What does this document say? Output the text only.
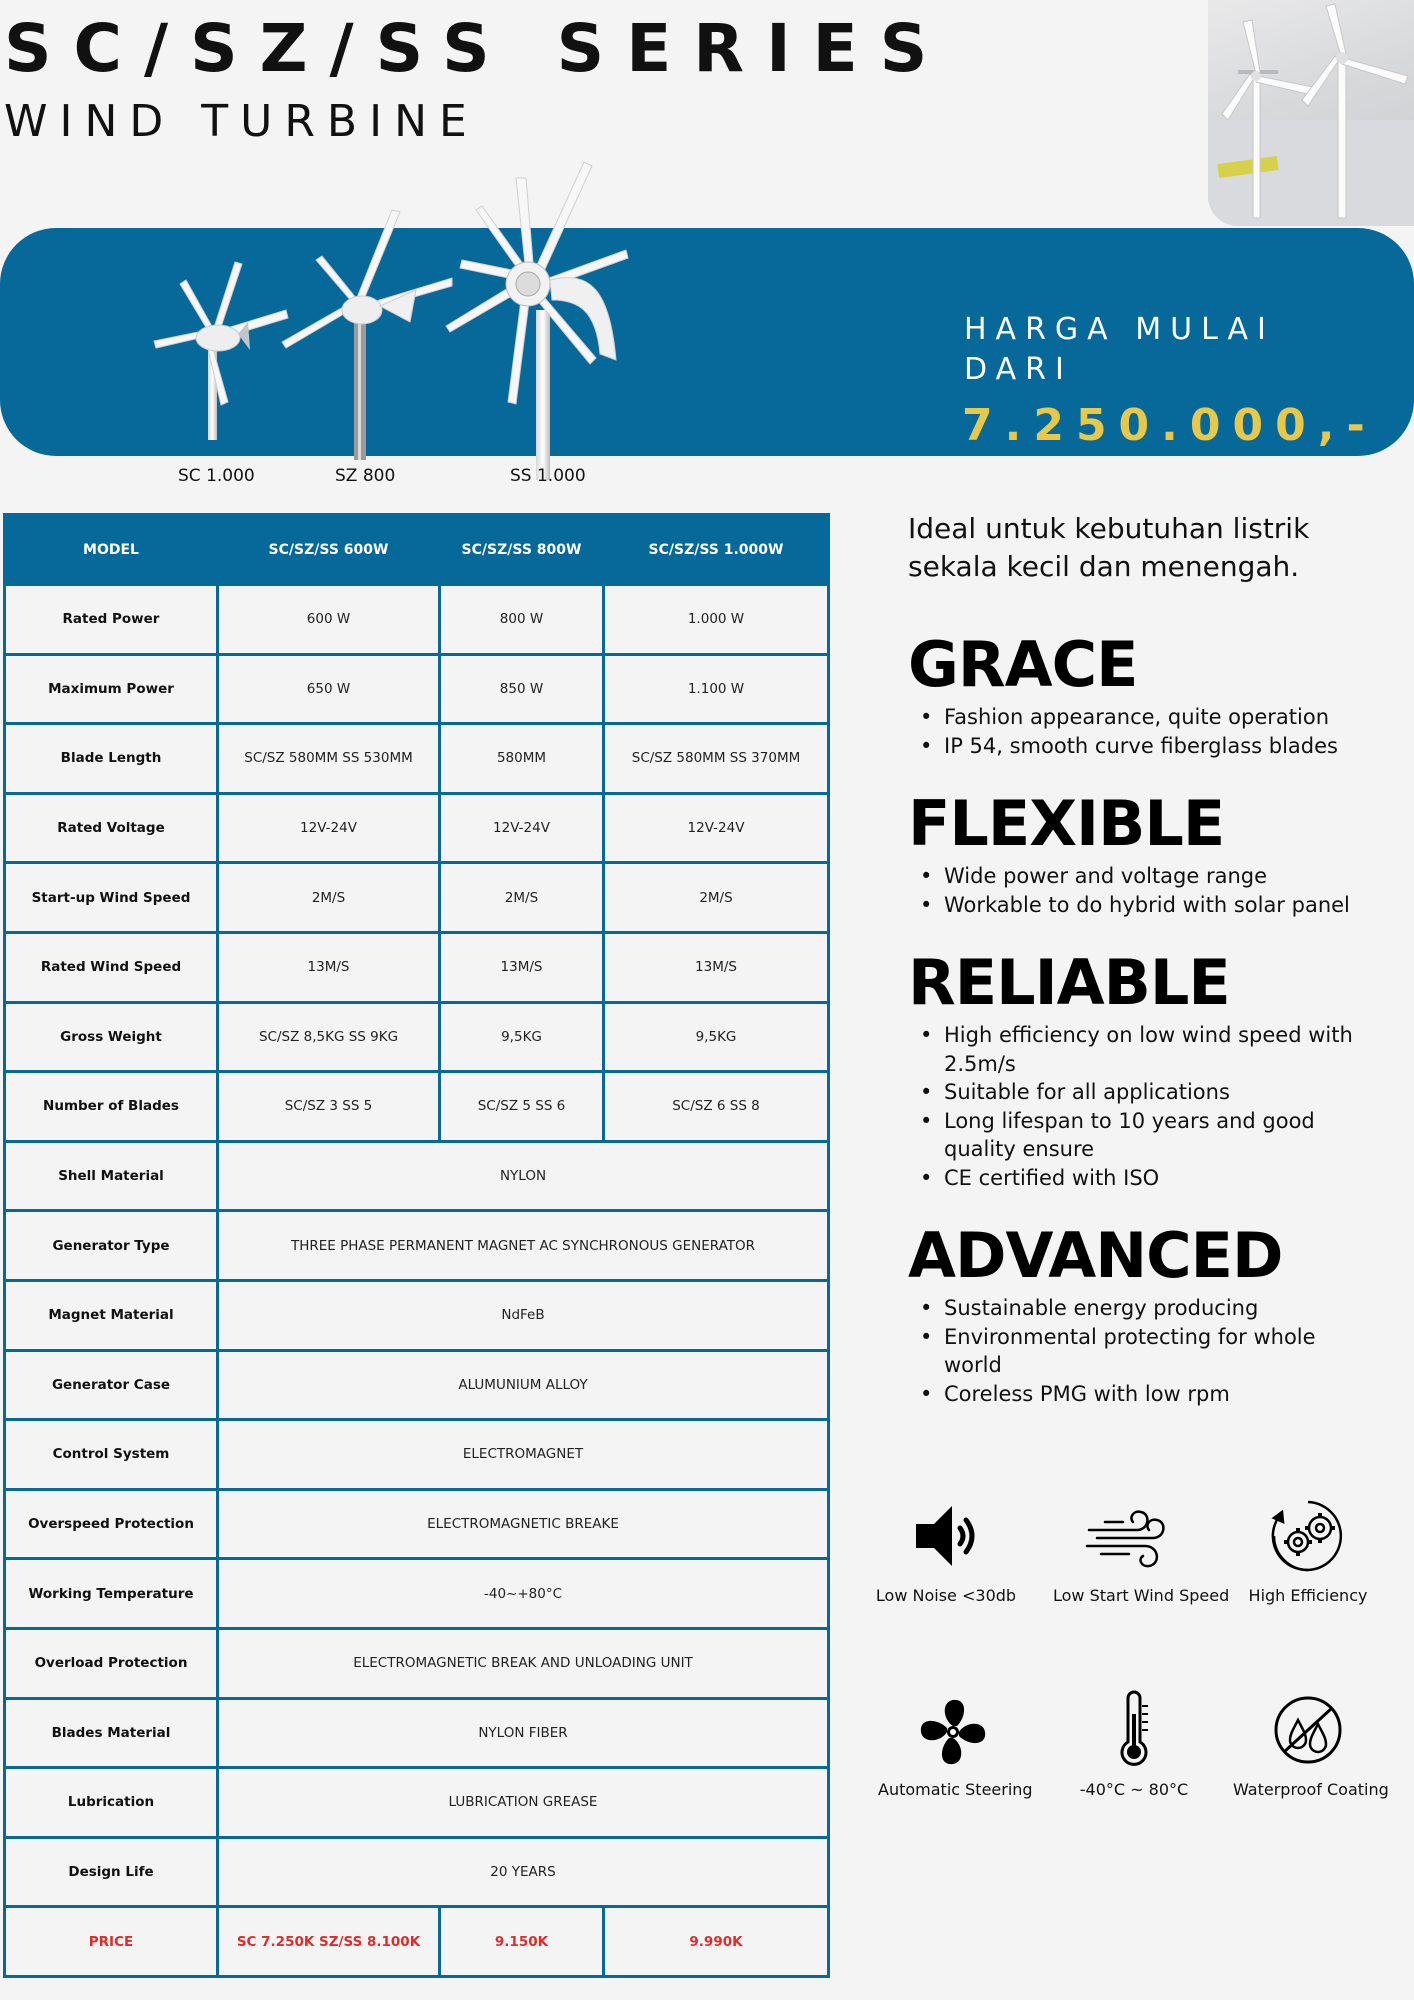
SC/SZ/SS SERIES
WIND TURBINE
HARGA MULAI DARI
7.250.000,-
SC 1.000	SZ 800	SS 1.000
MODEL	SC/SZ/SS 600W	SC/SZ/SS 800W	SC/SZ/SS 1.000W
Rated Power	600 W	800 W	1.000 W
Maximum Power	650 W	850 W	1.100 W
Blade Length	SC/SZ 580MM SS 530MM	580MM	SC/SZ 580MM SS 370MM
Rated Voltage	12V-24V	12V-24V	12V-24V
Start-up Wind Speed	2M/S	2M/S	2M/S
Rated Wind Speed	13M/S	13M/S	13M/S
Gross Weight	SC/SZ 8,5KG SS 9KG	9,5KG	9,5KG
Number of Blades	SC/SZ 3 SS 5	SC/SZ 5 SS 6	SC/SZ 6 SS 8
Shell Material	NYLON		
Generator Type	THREE PHASE PERMANENT MAGNET AC SYNCHRONOUS GENERATOR		
Magnet Material	NdFeB		
Generator Case	ALUMUNIUM ALLOY		
Control System	ELECTROMAGNET		
Overspeed Protection	ELECTROMAGNETIC BREAKE		
Working Temperature	-40~+80°C		
Overload Protection	ELECTROMAGNETIC BREAK AND UNLOADING UNIT		
Blades Material	NYLON FIBER		
Lubrication	LUBRICATION GREASE		
Design Life	20 YEARS		
PRICE	SC 7.250K SZ/SS 8.100K	9.150K	9.990K
Ideal untuk kebutuhan listrik sekala kecil dan menengah.
GRACE
• Fashion appearance, quite operation
• IP 54, smooth curve fiberglass blades
FLEXIBLE
• Wide power and voltage range
• Workable to do hybrid with solar panel
RELIABLE
• High efficiency on low wind speed with 2.5m/s
• Suitable for all applications
• Long lifespan to 10 years and good quality ensure
• CE certified with ISO
ADVANCED
• Sustainable energy producing
• Environmental protecting for whole world
• Coreless PMG with low rpm
Low Noise <30db	Low Start Wind Speed	High Efficiency
Automatic Steering	-40°C ~ 80°C	Waterproof Coating
